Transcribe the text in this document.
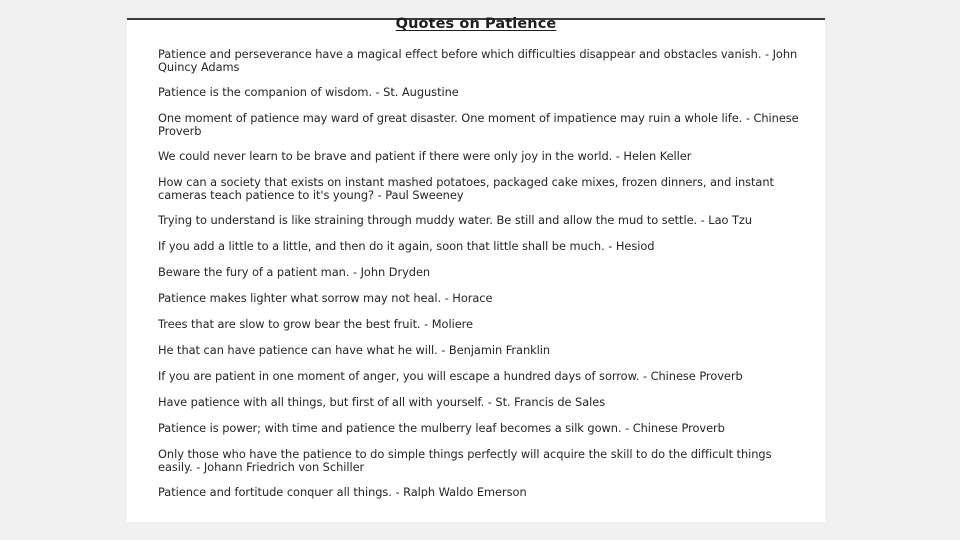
Quotes on Patience

Patience and perseverance have a magical effect before which difficulties disappear and obstacles vanish. - John Quincy Adams

Patience is the companion of wisdom. - St. Augustine

One moment of patience may ward of great disaster. One moment of impatience may ruin a whole life. - Chinese Proverb

We could never learn to be brave and patient if there were only joy in the world. - Helen Keller

How can a society that exists on instant mashed potatoes, packaged cake mixes, frozen dinners, and instant cameras teach patience to it's young? - Paul Sweeney

Trying to understand is like straining through muddy water. Be still and allow the mud to settle. - Lao Tzu

If you add a little to a little, and then do it again, soon that little shall be much. - Hesiod

Beware the fury of a patient man. - John Dryden

Patience makes lighter what sorrow may not heal. - Horace

Trees that are slow to grow bear the best fruit. - Moliere

He that can have patience can have what he will. - Benjamin Franklin

If you are patient in one moment of anger, you will escape a hundred days of sorrow. - Chinese Proverb

Have patience with all things, but first of all with yourself. - St. Francis de Sales

Patience is power; with time and patience the mulberry leaf becomes a silk gown. - Chinese Proverb

Only those who have the patience to do simple things perfectly will acquire the skill to do the difficult things easily. - Johann Friedrich von Schiller

Patience and fortitude conquer all things. - Ralph Waldo Emerson
